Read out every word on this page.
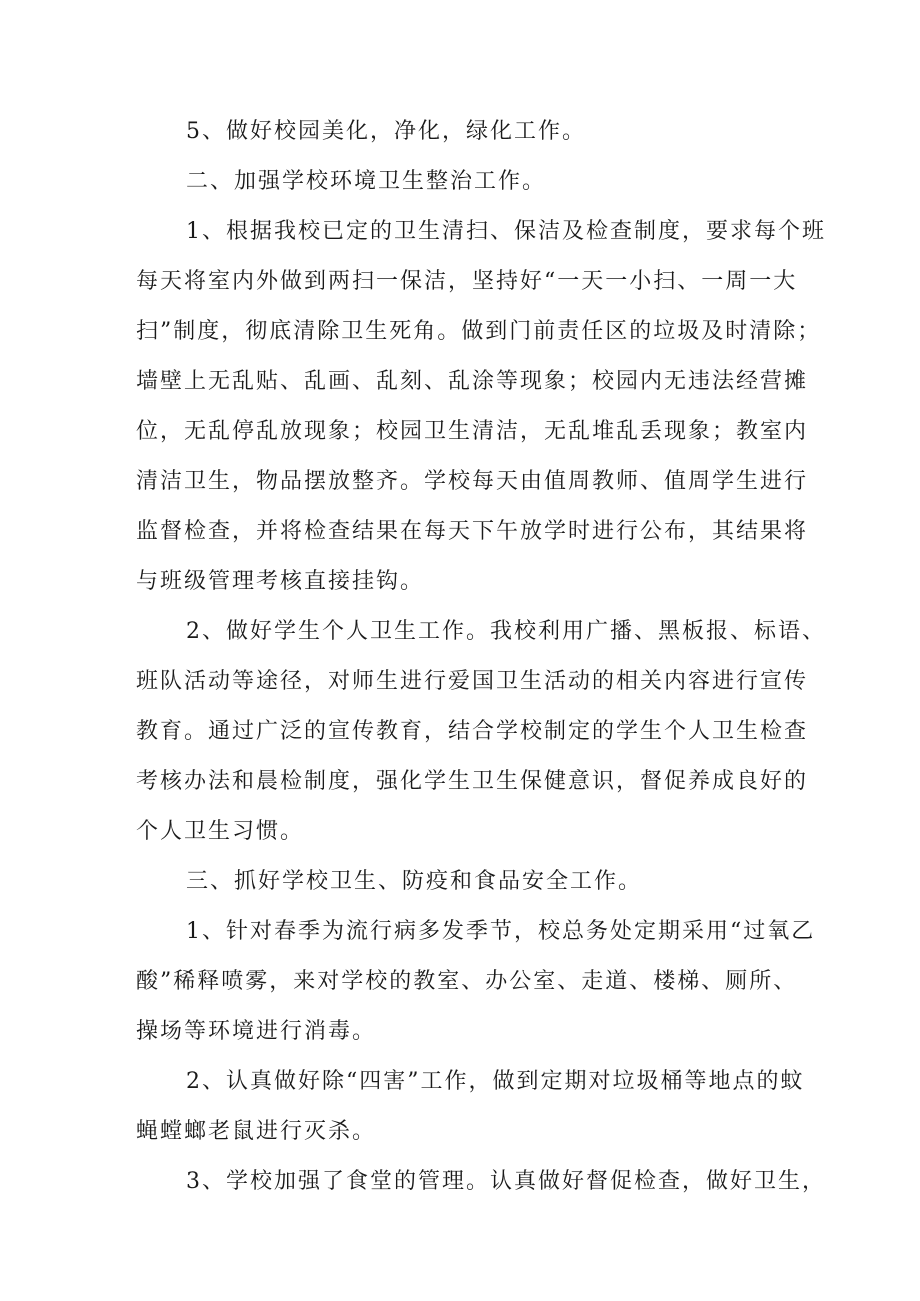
5、做好校园美化，净化，绿化工作。
二、加强学校环境卫生整治工作。
1、根据我校已定的卫生清扫、保洁及检查制度，要求每个班
每天将室内外做到两扫一保洁，坚持好“一天一小扫、一周一大
扫”制度，彻底清除卫生死角。做到门前责任区的垃圾及时清除；
墙壁上无乱贴、乱画、乱刻、乱涂等现象；校园内无违法经营摊
位，无乱停乱放现象；校园卫生清洁，无乱堆乱丢现象；教室内
清洁卫生，物品摆放整齐。学校每天由值周教师、值周学生进行
监督检查，并将检查结果在每天下午放学时进行公布，其结果将
与班级管理考核直接挂钩。
2、做好学生个人卫生工作。我校利用广播、黑板报、标语、
班队活动等途径，对师生进行爱国卫生活动的相关内容进行宣传
教育。通过广泛的宣传教育，结合学校制定的学生个人卫生检查
考核办法和晨检制度，强化学生卫生保健意识，督促养成良好的
个人卫生习惯。
三、抓好学校卫生、防疫和食品安全工作。
1、针对春季为流行病多发季节，校总务处定期采用“过氧乙
酸”稀释喷雾，来对学校的教室、办公室、走道、楼梯、厕所、
操场等环境进行消毒。
2、认真做好除“四害”工作，做到定期对垃圾桶等地点的蚊
蝇螳螂老鼠进行灭杀。
3、学校加强了食堂的管理。认真做好督促检查，做好卫生，
